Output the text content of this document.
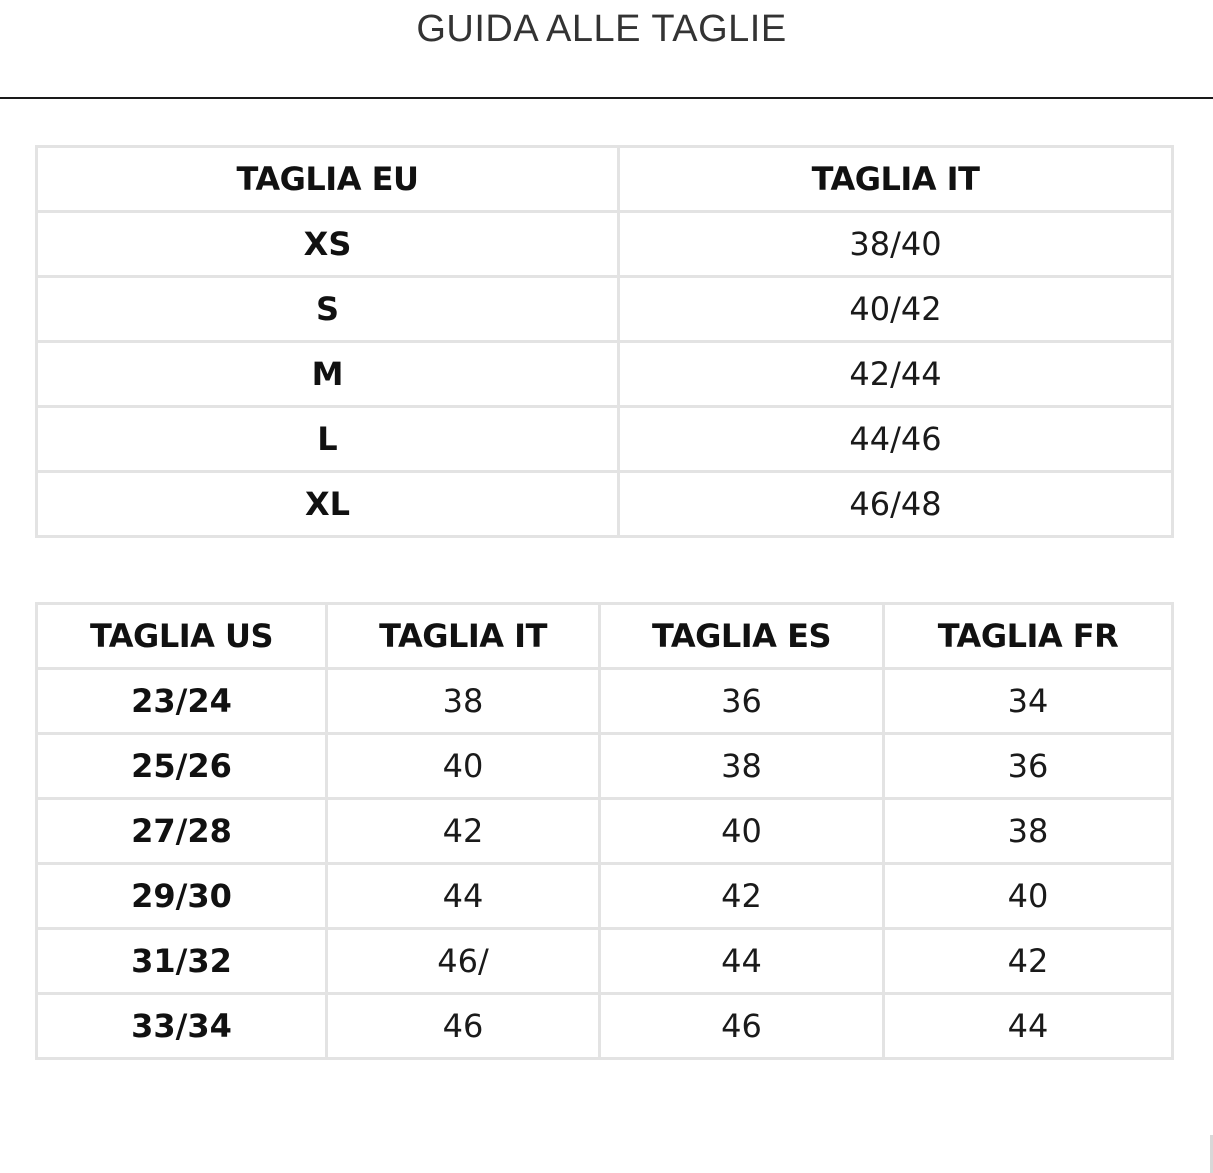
GUIDA ALLE TAGLIE
TAGLIA EU	TAGLIA IT
XS	38/40
S	40/42
M	42/44
L	44/46
XL	46/48
TAGLIA US	TAGLIA IT	TAGLIA ES	TAGLIA FR
23/24	38	36	34
25/26	40	38	36
27/28	42	40	38
29/30	44	42	40
31/32	46/	44	42
33/34	46	46	44
